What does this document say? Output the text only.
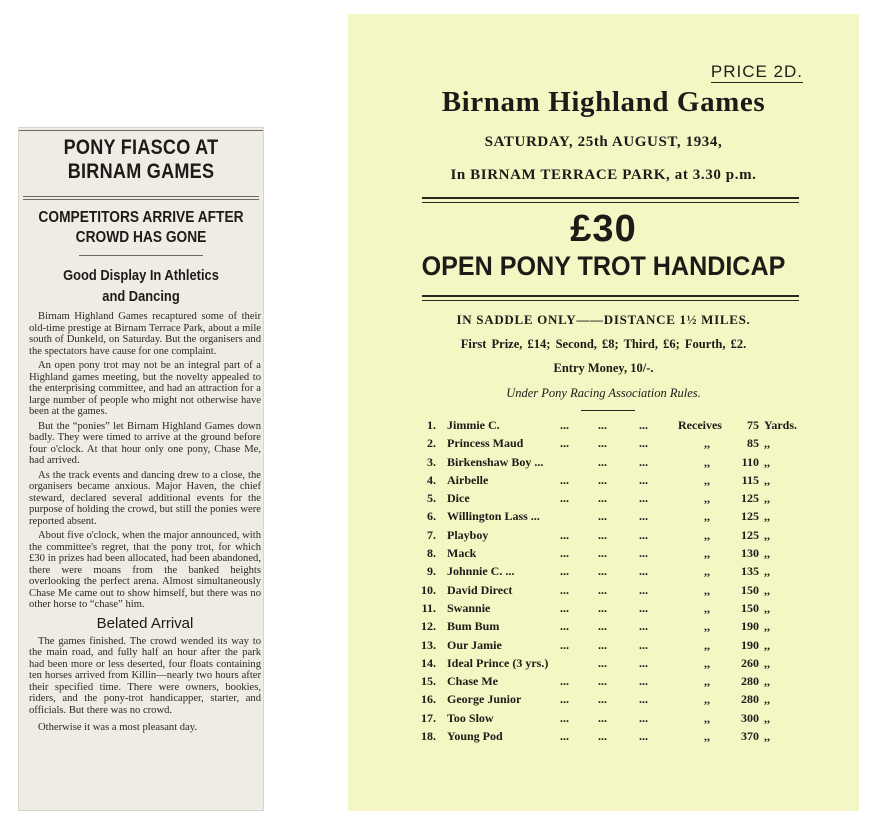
PONY FIASCO AT
BIRNAM GAMES
COMPETITORS ARRIVE AFTER
CROWD HAS GONE
Good Display In Athletics
and Dancing

Birnam Highland Games recaptured some of their old-time prestige at Birnam Terrace Park, about a mile south of Dunkeld, on Saturday. But the organisers and the spectators have cause for one complaint.

An open pony trot may not be an integral part of a Highland games meeting, but the novelty appealed to the enterprising committee, and had an attraction for a large number of people who might not otherwise have been at the games.

But the “ponies” let Birnam Highland Games down badly. They were timed to arrive at the ground before four o'clock. At that hour only one pony, Chase Me, had arrived.

As the track events and dancing drew to a close, the organisers became anxious. Major Haven, the chief steward, declared several additional events for the purpose of holding the crowd, but still the ponies were reported absent.

About five o'clock, when the major announced, with the committee's regret, that the pony trot, for which £30 in prizes had been allocated, had been abandoned, there were moans from the banked heights overlooking the perfect arena. Almost simultaneously Chase Me came out to show himself, but there was no other horse to “chase” him.

Belated Arrival

The games finished. The crowd wended its way to the main road, and fully half an hour after the park had been more or less deserted, four floats containing ten horses arrived from Killin—nearly two hours after their specified time. There were owners, bookies, riders, and the pony-trot handicapper, starter, and officials. But there was no crowd.

Otherwise it was a most pleasant day.

PRICE 2D.
Birnam Highland Games
SATURDAY, 25th AUGUST, 1934,
In BIRNAM TERRACE PARK, at 3.30 p.m.
£30
OPEN PONY TROT HANDICAP
IN SADDLE ONLY——DISTANCE 1½ MILES.
First Prize, £14; Second, £8; Third, £6; Fourth, £2.
Entry Money, 10/-.
Under Pony Racing Association Rules.
1. Jimmie C.	... ...	...	Receives	75 Yards.
2. Princess Maud	... ...	...	,,	85 ,,
3. Birkenshaw Boy ...	...	...	,,	110 ,,
4. Airbelle	... ...	...	,,	115 ,,
5. Dice	... ...	...	,,	125 ,,
6. Willington Lass ...	...	...	,,	125 ,,
7. Playboy	... ...	...	,,	125 ,,
8. Mack	... ...	...	,,	130 ,,
9. Johnnie C. ...	... ...	...	,,	135 ,,
10. David Direct	... ...	...	,,	150 ,,
11. Swannie	... ...	...	,,	150 ,,
12. Bum Bum	... ...	...	,,	190 ,,
13. Our Jamie	... ...	...	,,	190 ,,
14. Ideal Prince (3 yrs.)	...	...	,,	260 ,,
15. Chase Me	... ...	...	,,	280 ,,
16. George Junior	... ...	...	,,	280 ,,
17. Too Slow	... ...	...	,,	300 ,,
18. Young Pod	... ...	...	,,	370 ,,
